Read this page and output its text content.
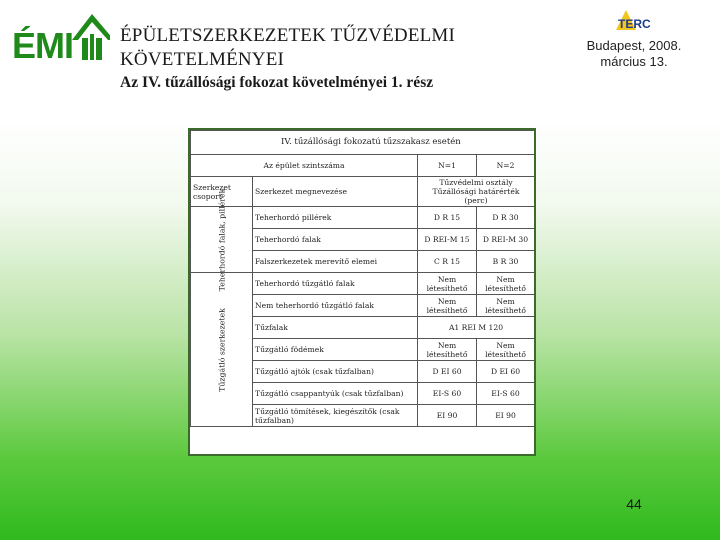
ÉMI ÉPÜLETSZERKEZETEK TŰZVÉDELMI KÖVETELMÉNYEI
Az IV. tűzállósági fokozat követelményei 1. rész
TERC
Budapest, 2008.
március 13.
IV. tűzállósági fokozatú tűzszakasz esetén			
Az épület szintszáma		N=1	N=2
Szerkezet csoport	Szerkezet megnevezése	Tűzvédelmi osztály Tűzállósági határérték (perc)	

Teherhordó falak, pillérek	Teherhordó pillérek	D R 15	D R 30
	Teherhordó falak	D REI-M 15	D REI-M 30
	Falszerkezetek merevítő elemei	C R 15	B R 30

Tűzgátló szerkezetek	Teherhordó tűzgátló falak	Nem létesíthető	Nem létesíthető
	Nem teherhordó tűzgátló falak	Nem létesíthető	Nem létesíthető
	Tűzfalak	A1 REI M 120	
	Tűzgátló födémek	Nem létesíthető	Nem létesíthető
	Tűzgátló ajtók (csak tűzfalban)	D EI 60	D EI 60
	Tűzgátló csappantyúk (csak tűzfalban)	EI-S 60	EI-S 60
	Tűzgátló tömítések, kiegészítők (csak tűzfalban)	EI 90	EI 90
44
